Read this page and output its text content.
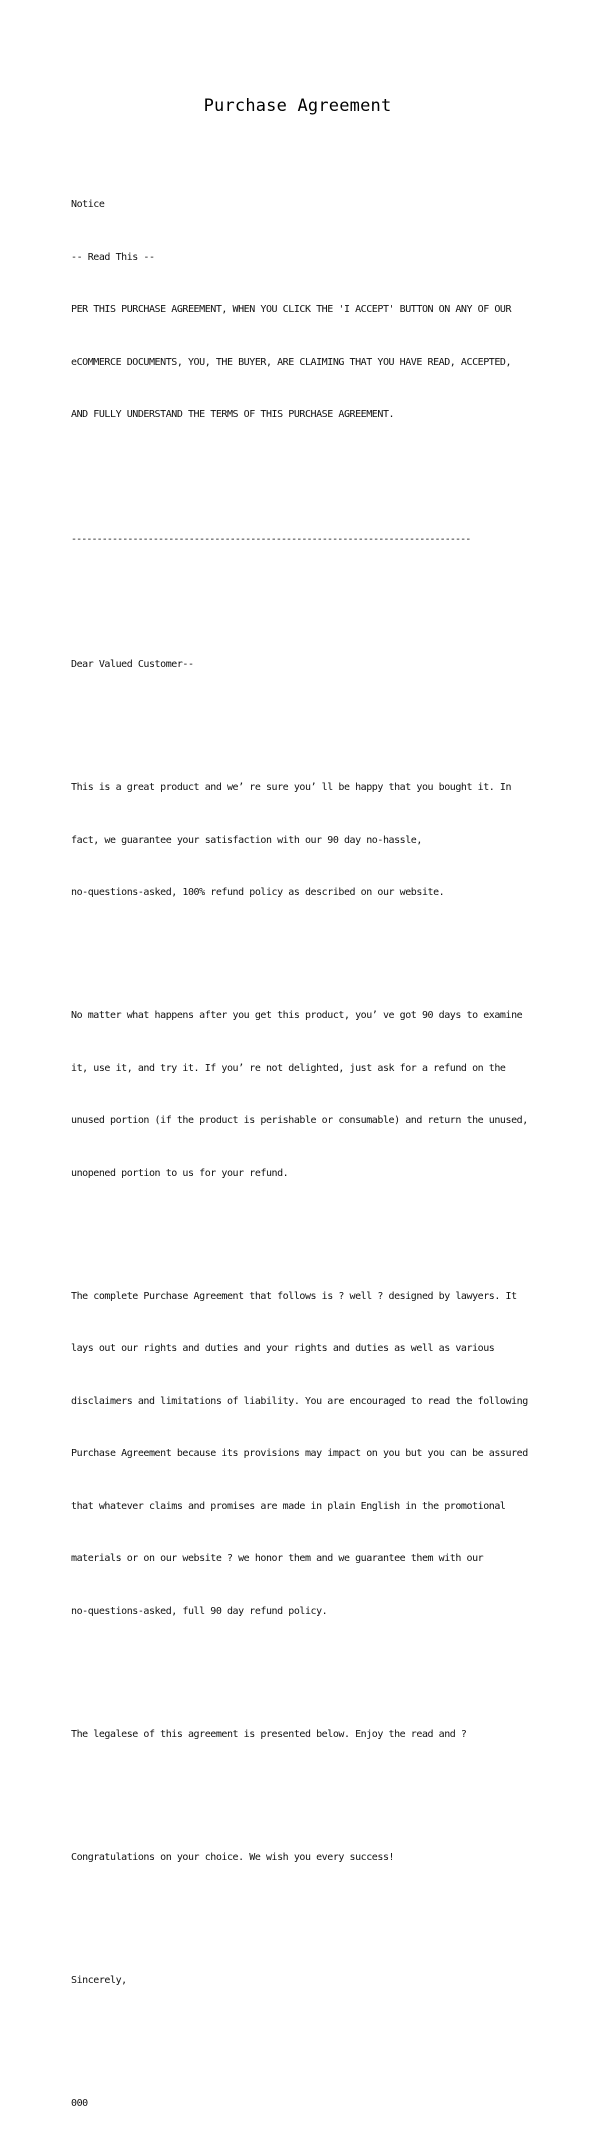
Purchase Agreement

Notice

-- Read This --

PER THIS PURCHASE AGREEMENT, WHEN YOU CLICK THE 'I ACCEPT' BUTTON ON ANY OF OUR

eCOMMERCE DOCUMENTS, YOU, THE BUYER, ARE CLAIMING THAT YOU HAVE READ, ACCEPTED,

AND FULLY UNDERSTAND THE TERMS OF THIS PURCHASE AGREEMENT.

------------------------------------------------------------------------------

Dear Valued Customer--

This is a great product and we’ re sure you’ ll be happy that you bought it. In

fact, we guarantee your satisfaction with our 90 day no-hassle,

no-questions-asked, 100% refund policy as described on our website.

No matter what happens after you get this product, you’ ve got 90 days to examine

it, use it, and try it. If you’ re not delighted, just ask for a refund on the

unused portion (if the product is perishable or consumable) and return the unused,

unopened portion to us for your refund.

The complete Purchase Agreement that follows is ? well ? designed by lawyers. It

lays out our rights and duties and your rights and duties as well as various

disclaimers and limitations of liability. You are encouraged to read the following

Purchase Agreement because its provisions may impact on you but you can be assured

that whatever claims and promises are made in plain English in the promotional

materials or on our website ? we honor them and we guarantee them with our

no-questions-asked, full 90 day refund policy.

The legalese of this agreement is presented below. Enjoy the read and ?

Congratulations on your choice. We wish you every success!

Sincerely,

000
